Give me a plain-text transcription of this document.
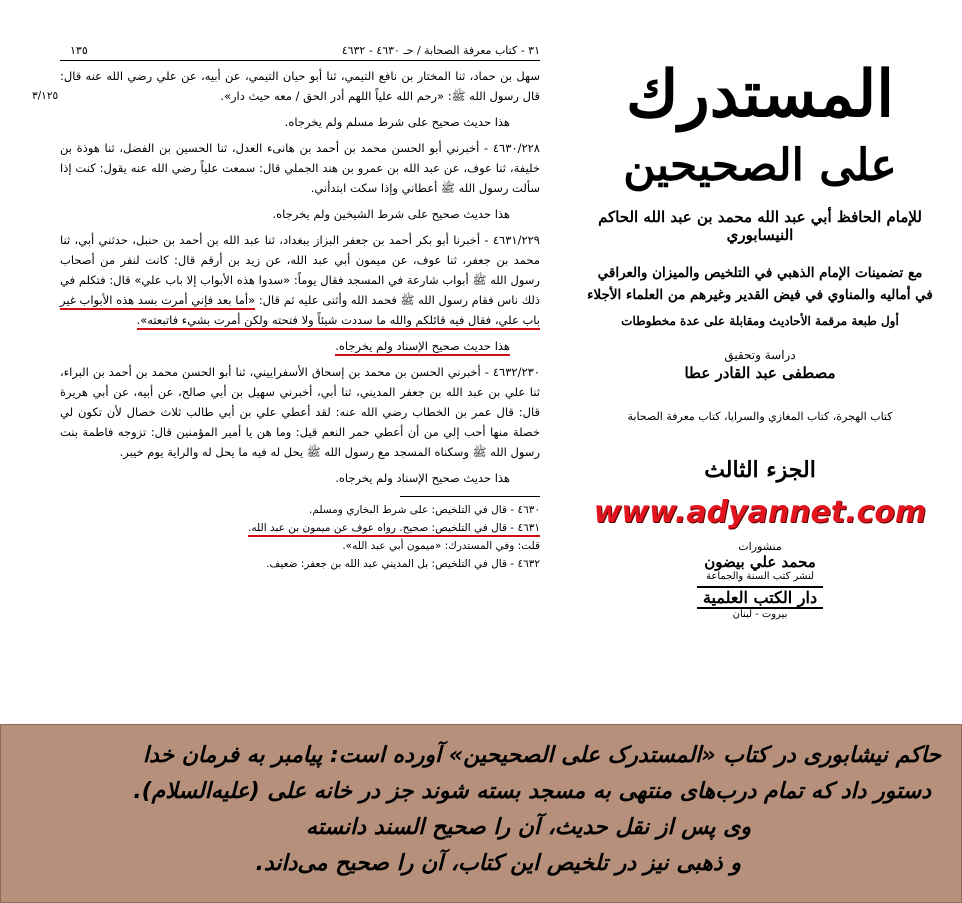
٣١ - كتاب معرفة الصحابة / حـ ٤٦٣٠ - ٤٦٣٢
١٣٥
٣/١٢٥

سهل بن حماد، ثنا المختار بن نافع التيمي، ثنا أبو حيان التيمي، عن أبيه، عن علي رضي الله عنه قال: قال رسول الله ﷺ: «رحم الله علياً اللهم أدر الحق / معه حيث دار».

هذا حديث صحيح على شرط مسلم ولم يخرجاه.

٤٦٣٠/٢٢٨ - أخبرني أبو الحسن محمد بن أحمد بن هانىء العدل، ثنا الحسين بن الفضل، ثنا هوذة بن خليفة، ثنا عوف، عن عبد الله بن عمرو بن هند الجملي قال: سمعت علياً رضي الله عنه يقول: كنت إذا سألت رسول الله ﷺ أعطاني وإذا سكت ابتدأني.

هذا حديث صحيح على شرط الشيخين ولم يخرجاه.

٤٦٣١/٢٢٩ - أخبرنا أبو بكر أحمد بن جعفر البزاز ببغداد، ثنا عبد الله بن أحمد بن حنبل، حدثني أبي، ثنا محمد بن جعفر، ثنا عوف، عن ميمون أبي عبد الله، عن زيد بن أرقم قال: كانت لنفر من أصحاب رسول الله ﷺ أبواب شارعة في المسجد فقال يوماً: «سدوا هذه الأبواب إلا باب علي» قال: فتكلم في ذلك ناس فقام رسول الله ﷺ فحمد الله وأثنى عليه ثم قال: «أما بعد فإني أمرت بسد هذه الأبواب غير باب علي، فقال فيه قائلكم والله ما سددت شيئاً ولا فتحته ولكن أمرت بشيء فاتبعته».

هذا حديث صحيح الإسناد ولم يخرجاه.

٤٦٣٢/٢٣٠ - أخبرني الحسن بن محمد بن إسحاق الأسفراييني، ثنا أبو الحسن محمد بن أحمد بن البراء، ثنا علي بن عبد الله بن جعفر المديني، ثنا أبي، أخبرني سهيل بن أبي صالح، عن أبيه، عن أبي هريرة قال: قال عمر بن الخطاب رضي الله عنه: لقد أعطي علي بن أبي طالب ثلاث خصال لأن تكون لي خصلة منها أحب إلي من أن أعطي حمر النعم قيل: وما هن يا أمير المؤمنين قال: تزوجه فاطمة بنت رسول الله ﷺ وسكناه المسجد مع رسول الله ﷺ يحل له فيه ما يحل له والراية يوم خيبر.

هذا حديث صحيح الإسناد ولم يخرجاه.

٤٦٣٠ - قال في التلخيص: على شرط البخاري ومسلم.
٤٦٣١ - قال في التلخيص: صحيح. رواه عوف عن ميمون بن عبد الله.
قلت: وفي المستدرك: «ميمون أبي عبد الله».
٤٦٣٢ - قال في التلخيص: بل المديني عبد الله بن جعفر: ضعيف.
المستدرك
على الصحيحين
للإمام الحافظ أبي عبد الله محمد بن عبد الله الحاكم النيسابوري
مع تضمينات الإمام الذهبي في التلخيص والميزان والعراقي
في أماليه والمناوي في فيض القدير وغيرهم من العلماء الأجلاء
أول طبعة مرقمة الأحاديث ومقابلة على عدة مخطوطات
دراسة وتحقيق
مصطفى عبد القادر عطا
كتاب الهجرة، كتاب المغازي والسرايا، كتاب معرفة الصحابة
الجزء الثالث
www.adyannet.com
منشورات
محمد علي بيضون
لنشر كتب السنة والجماعة
دار الكتب العلمية
بيروت - لبنان

حاکم نیشابوری در کتاب «المستدرک علی الصحیحین» آورده است: پیامبر به فرمان خدا

دستور داد که تمام درب‌های منتهی به مسجد بسته شوند جز در خانه علی (علیه‌السلام).

وی پس از نقل حدیث، آن را صحیح السند دانسته

و ذهبی نیز در تلخیص این کتاب، آن را صحیح می‌داند.
